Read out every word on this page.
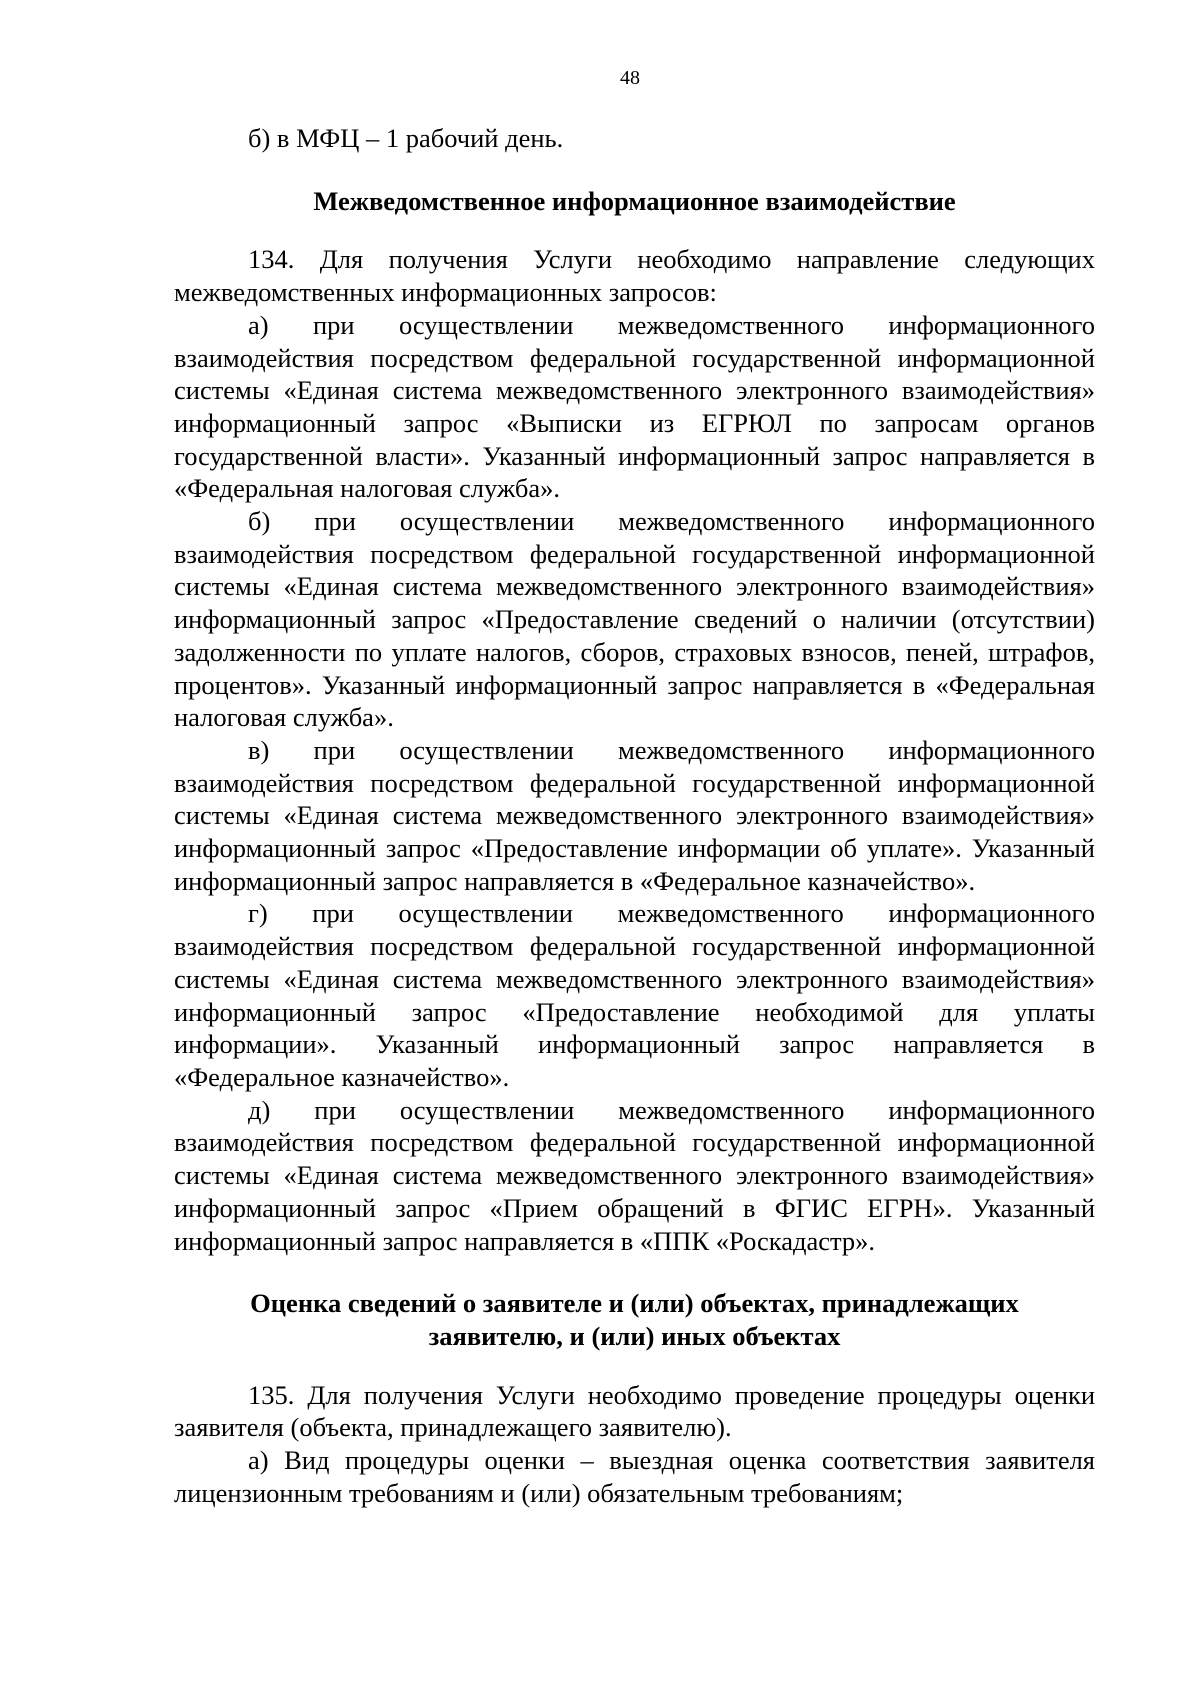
48

б) в МФЦ – 1 рабочий день.

Межведомственное информационное взаимодействие

134. Для получения Услуги необходимо направление следующих межведомственных информационных запросов:

а) при осуществлении межведомственного информационного взаимодействия посредством федеральной государственной информационной системы «Единая система межведомственного электронного взаимодействия» информационный запрос «Выписки из ЕГРЮЛ по запросам органов государственной власти». Указанный информационный запрос направляется в «Федеральная налоговая служба».

б) при осуществлении межведомственного информационного взаимодействия посредством федеральной государственной информационной системы «Единая система межведомственного электронного взаимодействия» информационный запрос «Предоставление сведений о наличии (отсутствии) задолженности по уплате налогов, сборов, страховых взносов, пеней, штрафов, процентов». Указанный информационный запрос направляется в «Федеральная налоговая служба».

в) при осуществлении межведомственного информационного взаимодействия посредством федеральной государственной информационной системы «Единая система межведомственного электронного взаимодействия» информационный запрос «Предоставление информации об уплате». Указанный информационный запрос направляется в «Федеральное казначейство».

г) при осуществлении межведомственного информационного взаимодействия посредством федеральной государственной информационной системы «Единая система межведомственного электронного взаимодействия» информационный запрос «Предоставление необходимой для уплаты информации». Указанный информационный запрос направляется в «Федеральное казначейство».

д) при осуществлении межведомственного информационного взаимодействия посредством федеральной государственной информационной системы «Единая система межведомственного электронного взаимодействия» информационный запрос «Прием обращений в ФГИС ЕГРН». Указанный информационный запрос направляется в «ППК «Роскадастр».

Оценка сведений о заявителе и (или) объектах, принадлежащих

заявителю, и (или) иных объектах

135. Для получения Услуги необходимо проведение процедуры оценки заявителя (объекта, принадлежащего заявителю).

а) Вид процедуры оценки – выездная оценка соответствия заявителя лицензионным требованиям и (или) обязательным требованиям;
